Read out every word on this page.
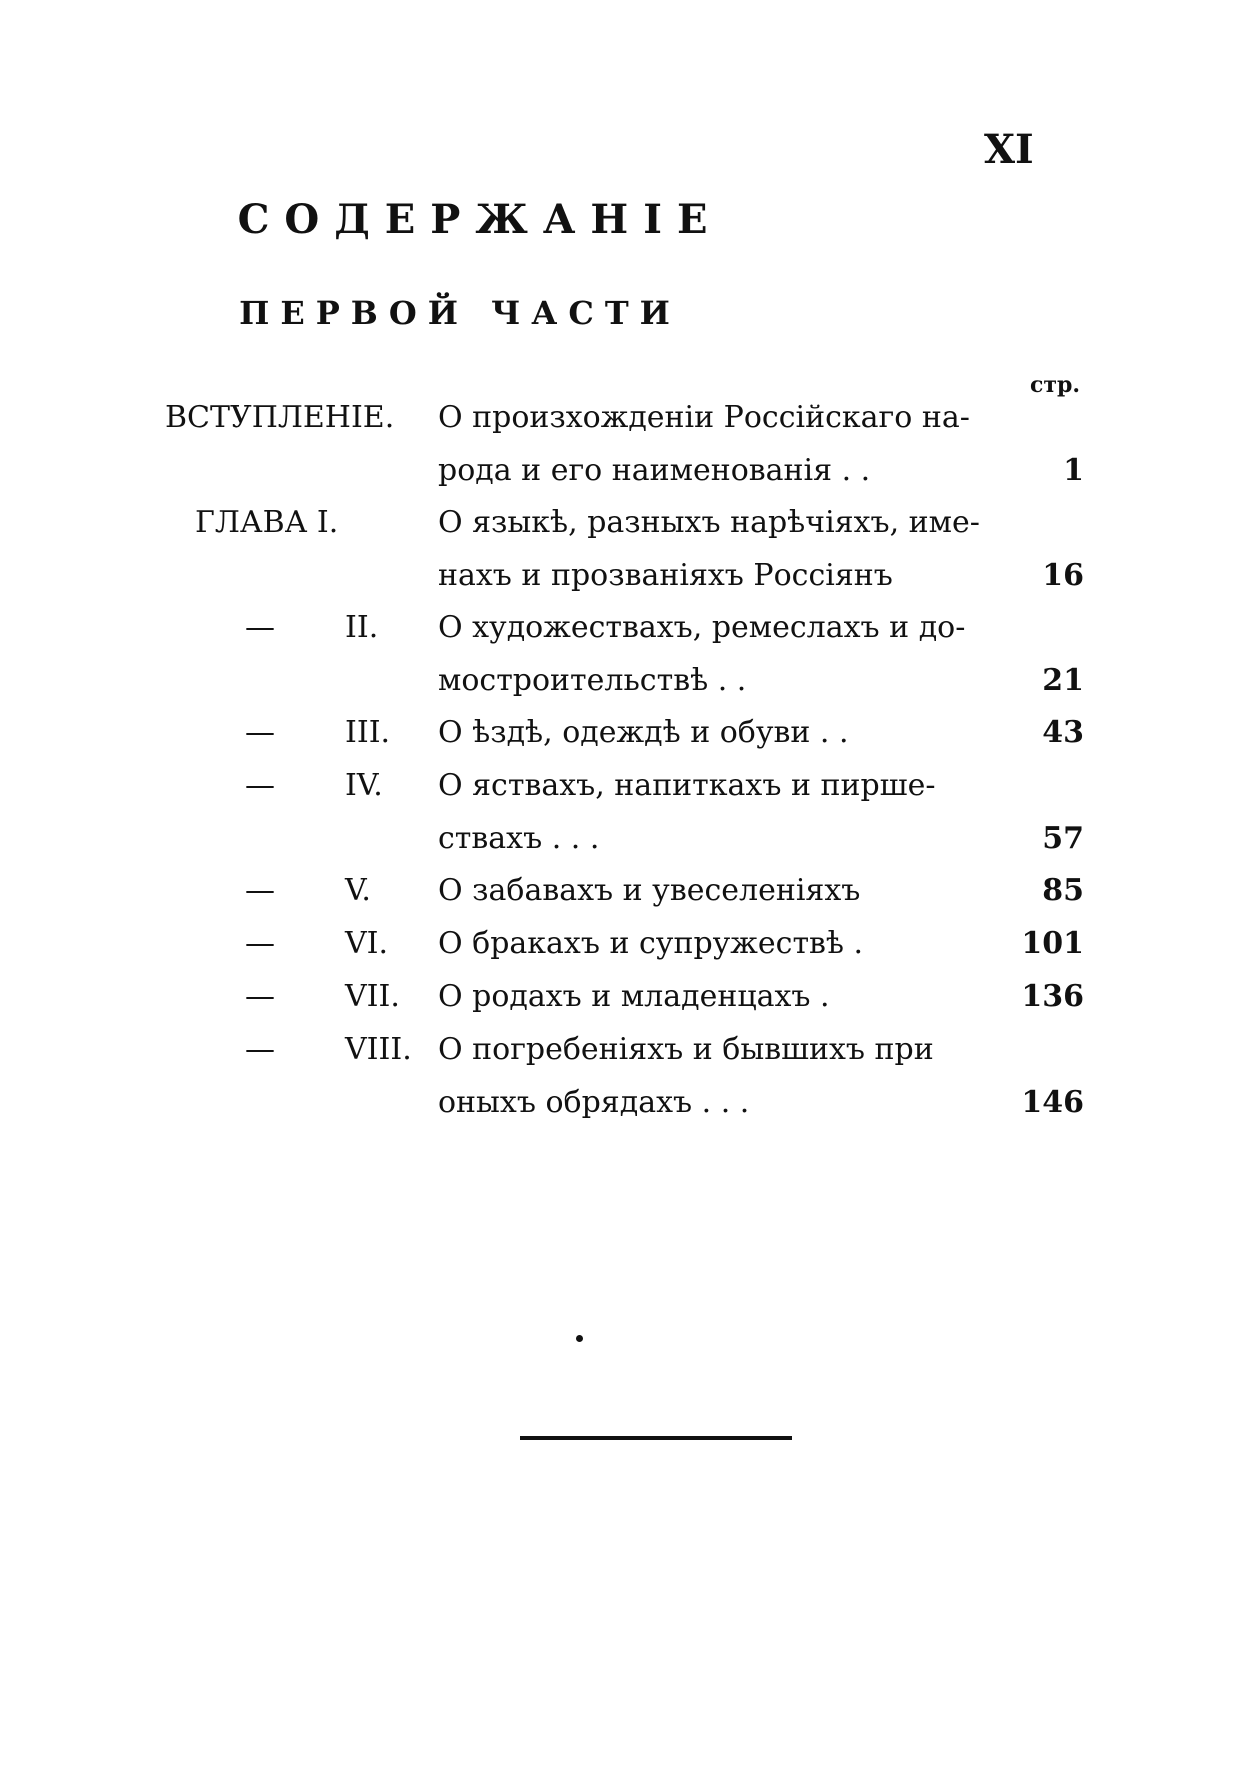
XI
СОДЕРЖАНIЕ
ПЕРВОЙ ЧАСТИ
стр.
ВСТУПЛЕНIЕ.	О произхожденiи Россiйскаго на-
рода и его наименованiя . .	1
ГЛАВА I.	О языкѣ, разныхъ нарѣчiяхъ, име-
нахъ и прозванiяхъ Россiянъ	16
— II.	О художествахъ, ремеслахъ и до-
мостроительствѣ . .	21
— III.	О ѣздѣ, одеждѣ и обуви . .	43
— IV.	О яствахъ, напиткахъ и пирше-
ствахъ . . .	57
— V.	О забавахъ и увеселенiяхъ	85
— VI.	О бракахъ и супружествѣ .	101
— VII.	О родахъ и младенцахъ .	136
— VIII. О погребенiяхъ и бывшихъ при
оныхъ обрядахъ . . .	146
